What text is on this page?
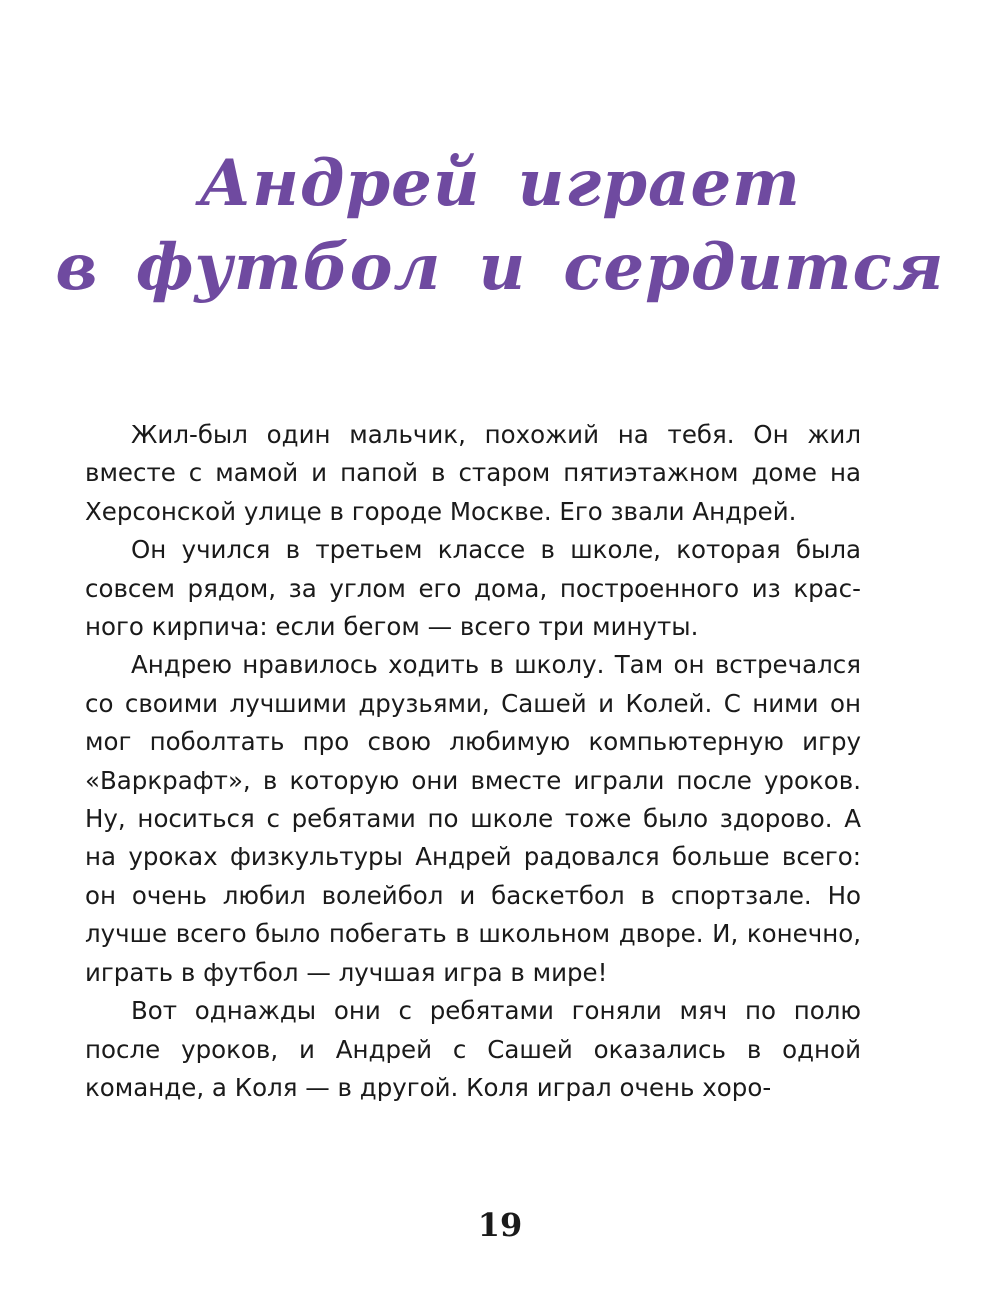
Андрей играет
в футбол и сердится

Жил-был один мальчик, похожий на тебя. Он жил вместе с мамой и папой в старом пятиэтажном доме на Херсонской улице в городе Москве. Его звали Андрей.

Он учился в третьем классе в школе, которая была совсем рядом, за углом его дома, построенного из красного кирпича: если бегом — всего три минуты.

Андрею нравилось ходить в школу. Там он встречался со своими лучшими друзьями, Сашей и Колей. С ними он мог поболтать про свою любимую компьютерную игру «Варкрафт», в которую они вместе играли после уроков. Ну, носиться с ребятами по школе тоже было здорово. А на уроках физкультуры Андрей радовался больше всего: он очень любил волейбол и баскетбол в спортзале. Но лучше всего было побегать в школьном дворе. И, конечно, играть в футбол — лучшая игра в мире!

Вот однажды они с ребятами гоняли мяч по полю после уроков, и Андрей с Сашей оказались в одной команде, а Коля — в другой. Коля играл очень хоро-

19
